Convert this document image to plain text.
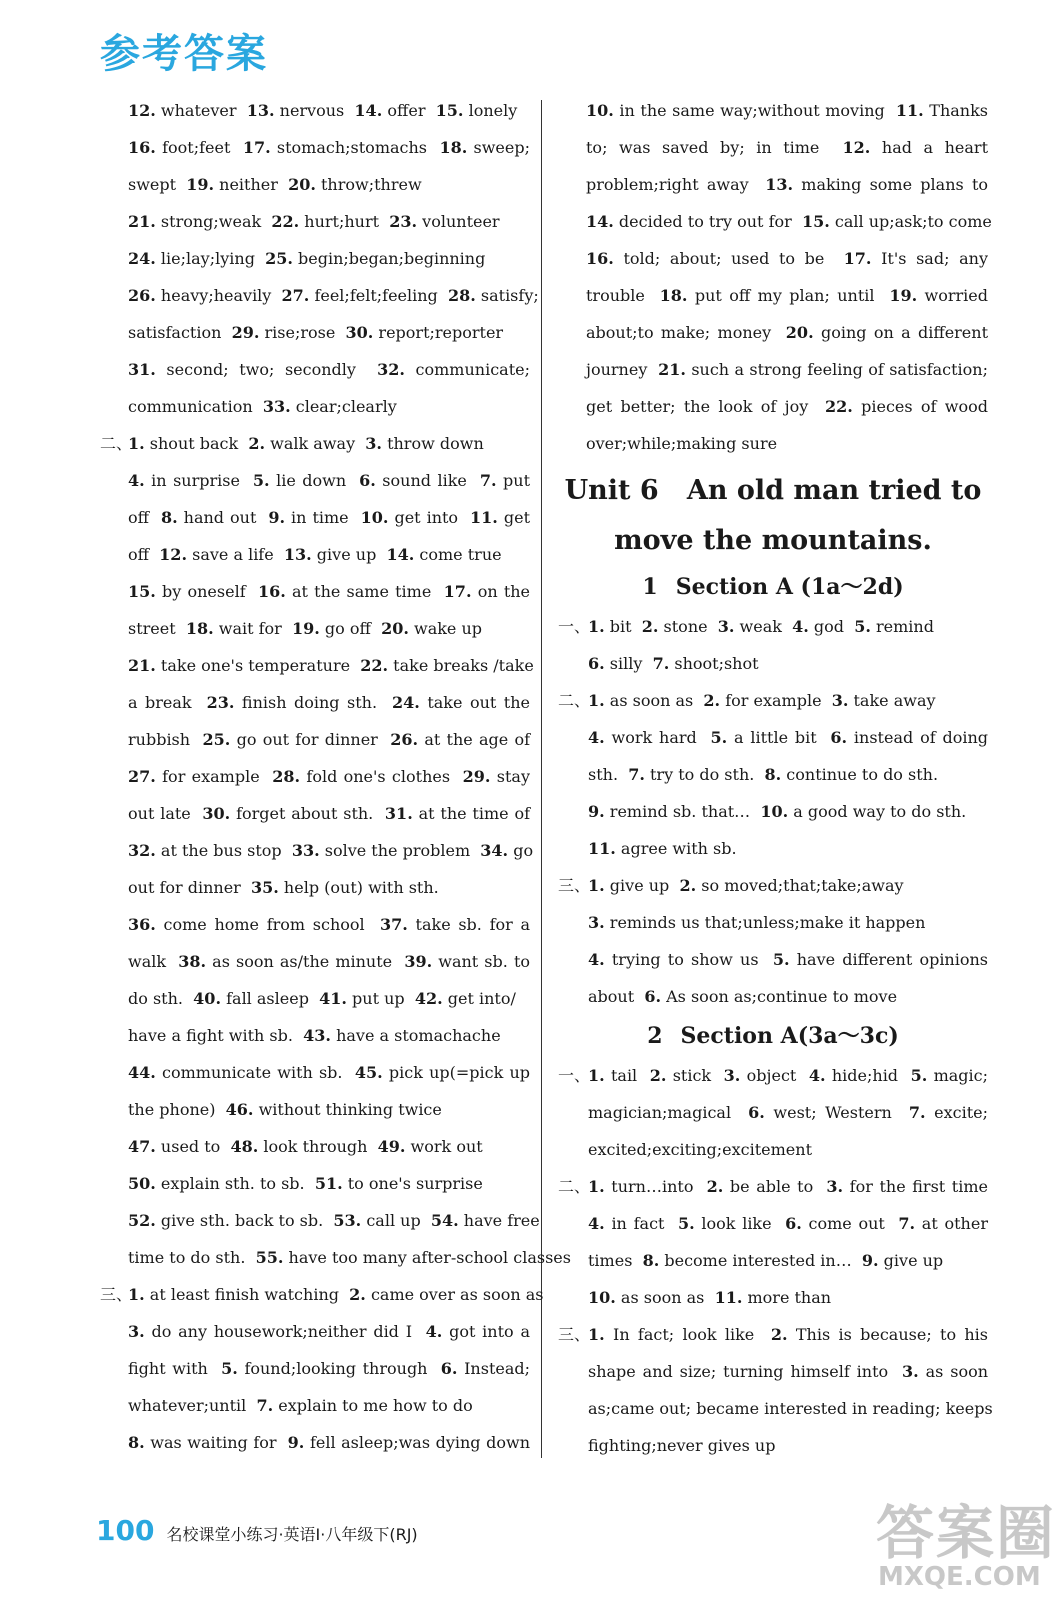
参考答案
12. whatever  13. nervous  14. offer  15. lonely
16. foot;feet  17. stomach;stomachs  18. sweep;
swept  19. neither  20. throw;threw
21. strong;weak  22. hurt;hurt  23. volunteer
24. lie;lay;lying  25. begin;began;beginning
26. heavy;heavily  27. feel;felt;feeling  28. satisfy;
satisfaction  29. rise;rose  30. report;reporter
31. second; two; secondly  32. communicate;
communication  33. clear;clearly
二、
1. shout back  2. walk away  3. throw down
4. in surprise  5. lie down  6. sound like  7. put
off  8. hand out  9. in time  10. get into  11. get
off  12. save a life  13. give up  14. come true
15. by oneself  16. at the same time  17. on the
street  18. wait for  19. go off  20. wake up
21. take one's temperature  22. take breaks /take
a break  23. finish doing sth.  24. take out the
rubbish  25. go out for dinner  26. at the age of
27. for example  28. fold one's clothes  29. stay
out late  30. forget about sth.  31. at the time of
32. at the bus stop  33. solve the problem  34. go
out for dinner  35. help (out) with sth.
36. come home from school  37. take sb. for a
walk  38. as soon as/the minute  39. want sb. to
do sth.  40. fall asleep  41. put up  42. get into/
have a fight with sb.  43. have a stomachache
44. communicate with sb.  45. pick up(=pick up
the phone)  46. without thinking twice
47. used to  48. look through  49. work out
50. explain sth. to sb.  51. to one's surprise
52. give sth. back to sb.  53. call up  54. have free
time to do sth.  55. have too many after-school classes
三、
1. at least finish watching  2. came over as soon as
3. do any housework;neither did I  4. got into a
fight with  5. found;looking through  6. Instead;
whatever;until  7. explain to me how to do
8. was waiting for  9. fell asleep;was dying down
10. in the same way;without moving  11. Thanks
to; was saved by; in time  12. had a heart
problem;right away  13. making some plans to
14. decided to try out for  15. call up;ask;to come
16. told; about; used to be  17. It's sad; any
trouble  18. put off my plan; until  19. worried
about;to make; money  20. going on a different
journey  21. such a strong feeling of satisfaction;
get better; the look of joy  22. pieces of wood
over;while;making sure
Unit 6   An old man tried to
move the mountains.
1 Section A (1a～2d)
一、
1. bit  2. stone  3. weak  4. god  5. remind
6. silly  7. shoot;shot
二、
1. as soon as  2. for example  3. take away
4. work hard  5. a little bit  6. instead of doing
sth.  7. try to do sth.  8. continue to do sth.
9. remind sb. that…  10. a good way to do sth.
11. agree with sb.
三、
1. give up  2. so moved;that;take;away
3. reminds us that;unless;make it happen
4. trying to show us  5. have different opinions
about  6. As soon as;continue to move
2 Section A(3a～3c)
一、
1. tail  2. stick  3. object  4. hide;hid  5. magic;
magician;magical  6. west; Western  7. excite;
excited;exciting;excitement
二、
1. turn…into  2. be able to  3. for the first time
4. in fact  5. look like  6. come out  7. at other
times  8. become interested in…  9. give up
10. as soon as  11. more than
三、
1. In fact; look like  2. This is because; to his
shape and size; turning himself into  3. as soon
as;came out; became interested in reading; keeps
fighting;never gives up
100 名校课堂小练习·英语Ⅰ·八年级下(RJ)	答案圈
MXQE.COM
